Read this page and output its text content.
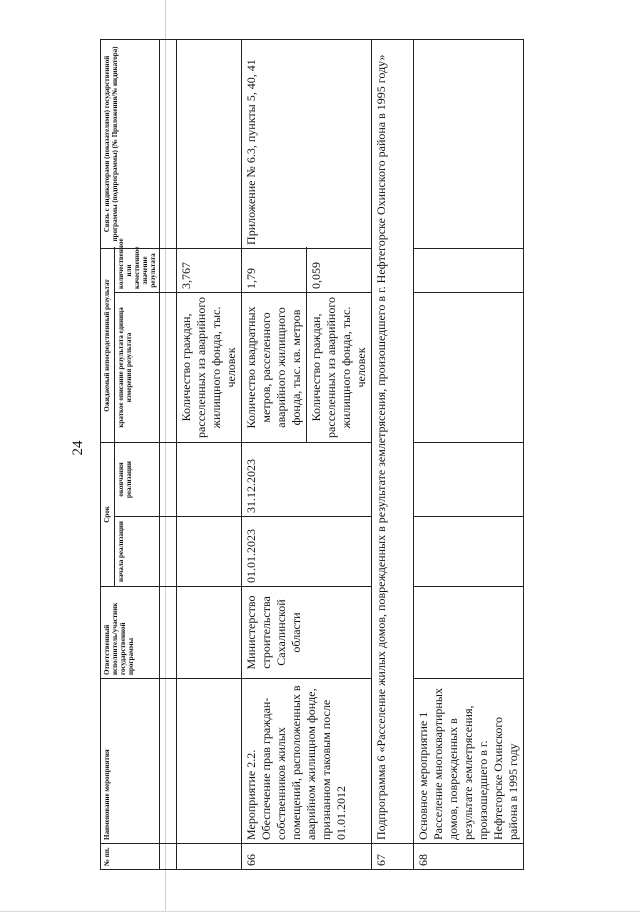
24
№ пп.	Наименование мероприятия	Ответственный исполнитель/участник государственной программы	Срок		Ожидаемый непосредственный результат		Связь с индикаторами (показателями) государственной программы (подпрограммы) (№ Приложения/№ индикатора)
			начала реализации	окончания реализации	краткое описание результата единица измерения результата	количественное или качественное значение результата	

					Количество граждан, расселенных из аварийного жилищного фонда, тыс. человек	3,767	
66	Мероприятие 2.2. Обеспечение прав граждан-собственников жилых помещений, расположенных в аварийном жилищном фонде, признанном таковым после 01.01.2012	Министерство строительства Сахалинской области	01.01.2023	31.12.2023	Количество квадратных метров, расселенного аварийного жилищного фонда, тыс. кв. метров	1,79	Приложение № 6.3, пункты 5, 40, 41
					Количество граждан, расселенных из аварийного жилищного фонда, тыс. человек	0,059	
67	Подпрограмма 6 «Расселение жилых домов, поврежденных в результате землетрясения, произошедшего в г. Нефтегорске Охинского района в 1995 году»						
68	Основное мероприятие 1 Расселение многоквартирных домов, поврежденных в результате землетрясения, произошедшего в г. Нефтегорске Охинского района в 1995 году						
